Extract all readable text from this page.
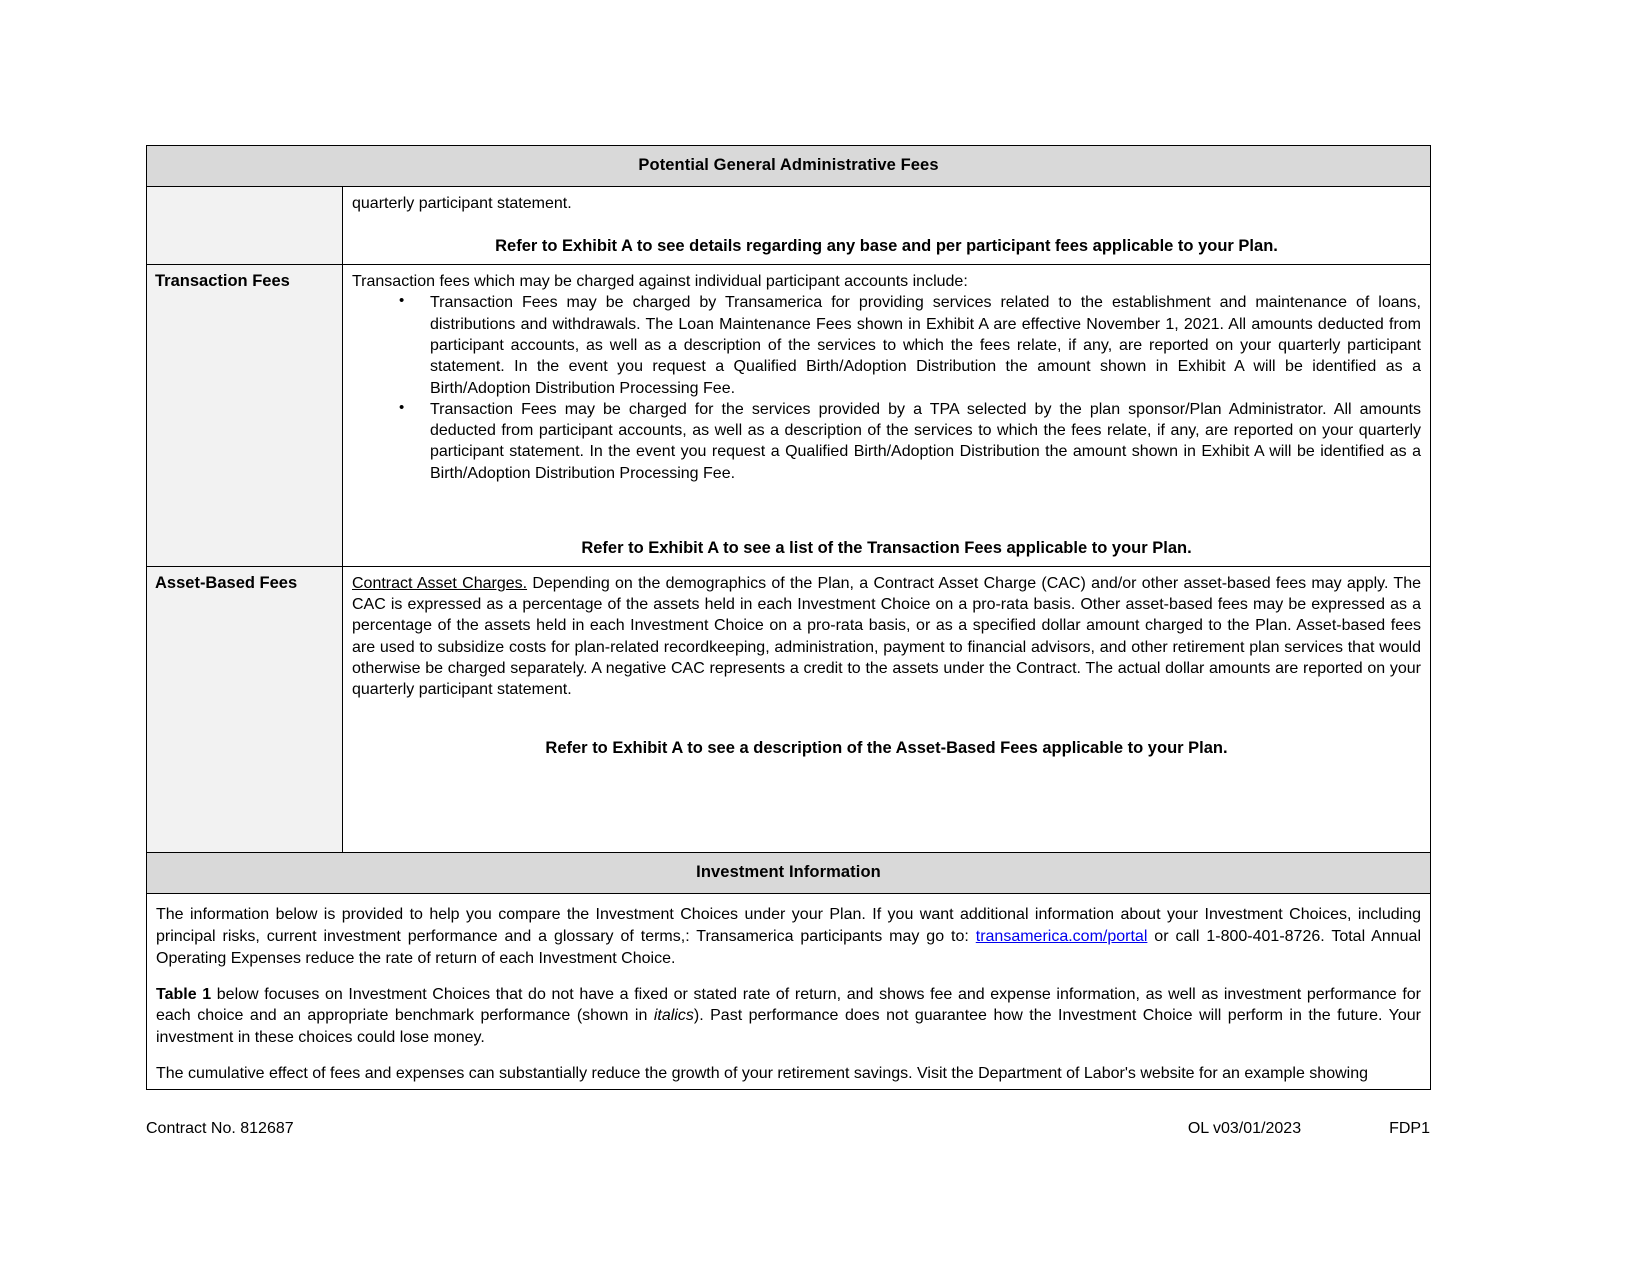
Potential General Administrative Fees	

	quarterly participant statement.

Refer to Exhibit A to see details regarding any base and per participant fees applicable to your Plan.

Transaction Fees	Transaction fees which may be charged against individual participant accounts include:

• Transaction Fees may be charged by Transamerica for providing services related to the establishment and maintenance of loans, distributions and withdrawals. The Loan Maintenance Fees shown in Exhibit A are effective November 1, 2021. All amounts deducted from participant accounts, as well as a description of the services to which the fees relate, if any, are reported on your quarterly participant statement. In the event you request a Qualified Birth/Adoption Distribution the amount shown in Exhibit A will be identified as a Birth/Adoption Distribution Processing Fee.
• Transaction Fees may be charged for the services provided by a TPA selected by the plan sponsor/Plan Administrator. All amounts deducted from participant accounts, as well as a description of the services to which the fees relate, if any, are reported on your quarterly participant statement. In the event you request a Qualified Birth/Adoption Distribution the amount shown in Exhibit A will be identified as a Birth/Adoption Distribution Processing Fee.

Refer to Exhibit A to see a list of the Transaction Fees applicable to your Plan.

Asset-Based Fees	Contract Asset Charges. Depending on the demographics of the Plan, a Contract Asset Charge (CAC) and/or other asset-based fees may apply. The CAC is expressed as a percentage of the assets held in each Investment Choice on a pro-rata basis. Other asset-based fees may be expressed as a percentage of the assets held in each Investment Choice on a pro-rata basis, or as a specified dollar amount charged to the Plan. Asset-based fees are used to subsidize costs for plan-related recordkeeping, administration, payment to financial advisors, and other retirement plan services that would otherwise be charged separately. A negative CAC represents a credit to the assets under the Contract. The actual dollar amounts are reported on your quarterly participant statement.

Refer to Exhibit A to see a description of the Asset-Based Fees applicable to your Plan.

Investment Information	

The information below is provided to help you compare the Investment Choices under your Plan. If you want additional information about your Investment Choices, including principal risks, current investment performance and a glossary of terms,: Transamerica participants may go to: transamerica.com/portal or call 1-800-401-8726. Total Annual Operating Expenses reduce the rate of return of each Investment Choice.

Table 1 below focuses on Investment Choices that do not have a fixed or stated rate of return, and shows fee and expense information, as well as investment performance for each choice and an appropriate benchmark performance (shown in italics). Past performance does not guarantee how the Investment Choice will perform in the future. Your investment in these choices could lose money.

The cumulative effect of fees and expenses can substantially reduce the growth of your retirement savings. Visit the Department of Labor's website for an example showing	

Contract No. 812687	OL v03/01/2023	FDP1
